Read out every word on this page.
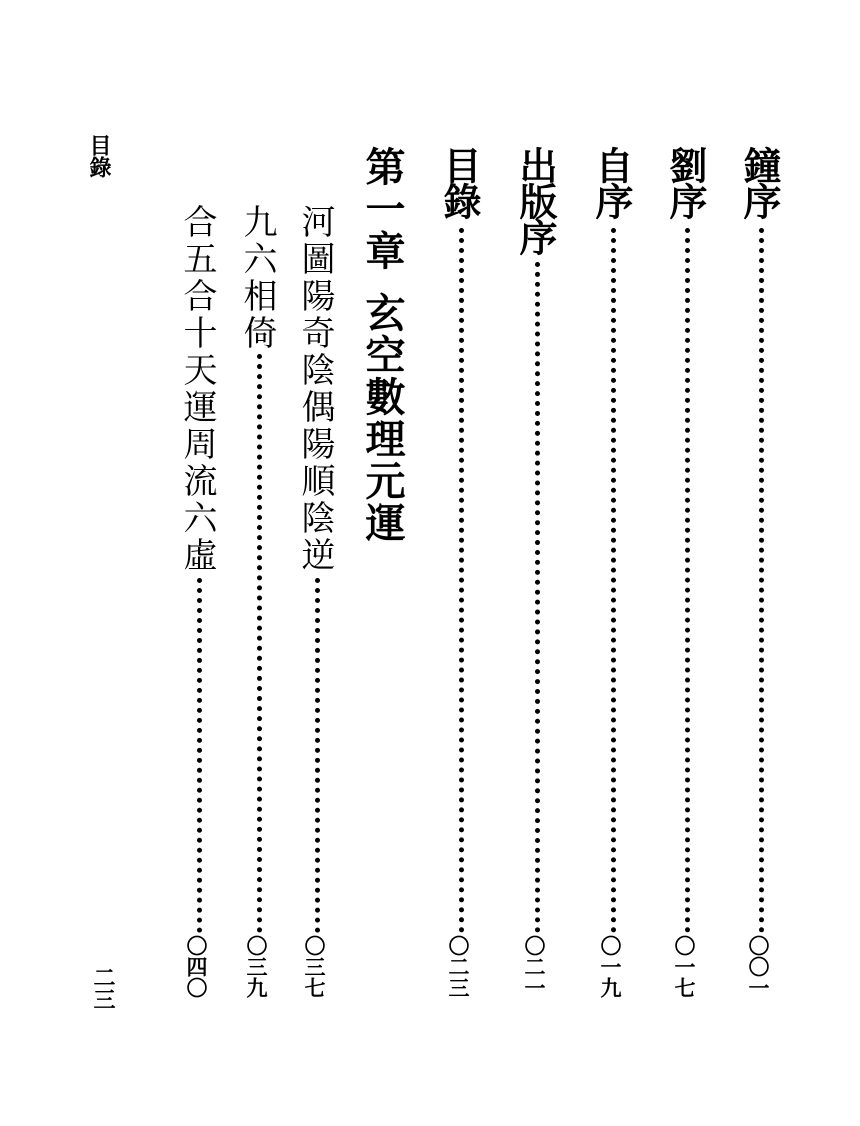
目錄	鐘序
〇〇一
劉序
〇一七
自序
〇一九
出版序
〇二一
目錄
〇二三
第一章
玄空數理元運
河圖陽奇陰偶陽順陰逆
〇三七
九六相倚
〇三九
合五合十天運周流六虛
〇四〇
二三
